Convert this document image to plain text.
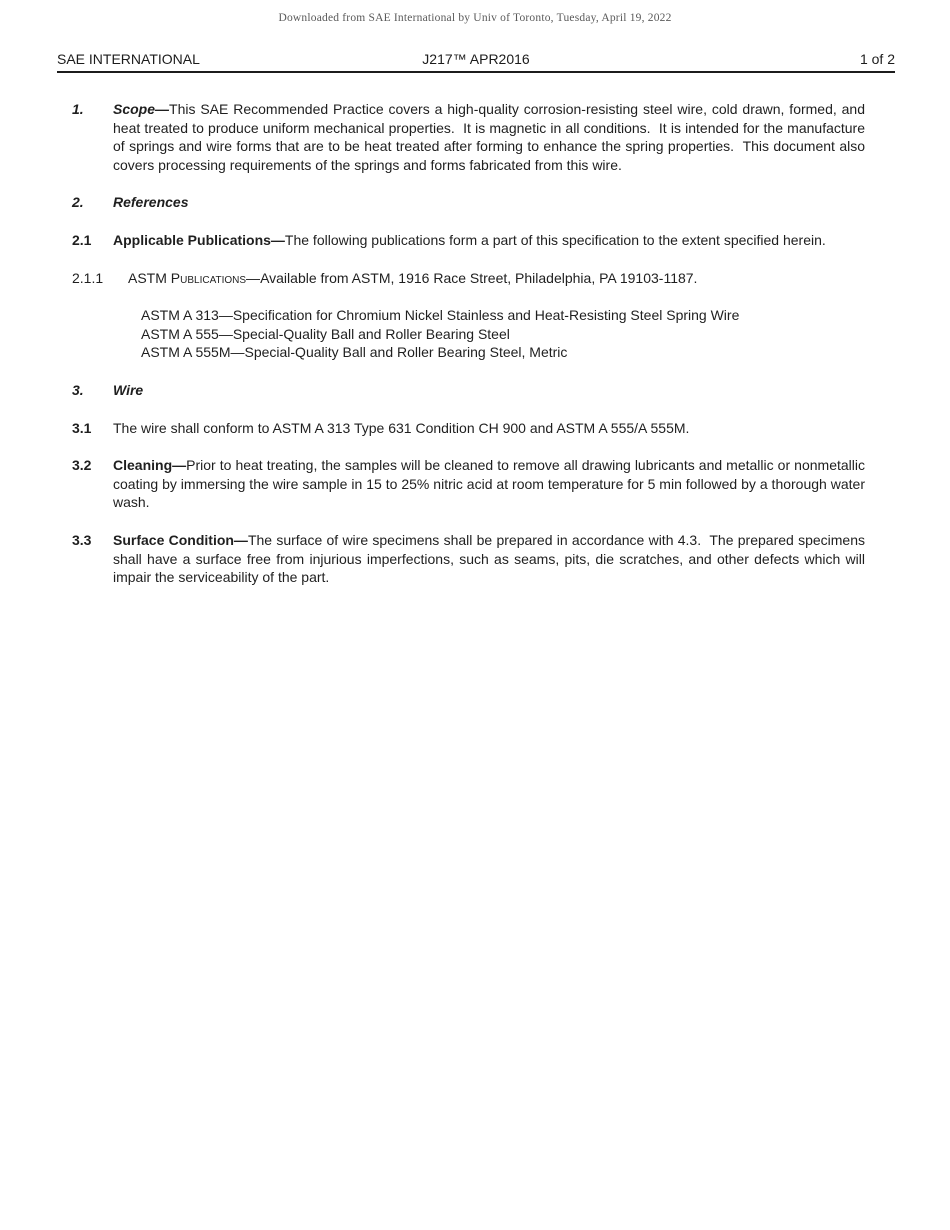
Downloaded from SAE International by Univ of Toronto, Tuesday, April 19, 2022
SAE INTERNATIONAL	J217™ APR2016	1 of 2
1.	Scope—This SAE Recommended Practice covers a high-quality corrosion-resisting steel wire, cold drawn, formed, and heat treated to produce uniform mechanical properties.  It is magnetic in all conditions.  It is intended for the manufacture of springs and wire forms that are to be heat treated after forming to enhance the spring properties.  This document also covers processing requirements of the springs and forms fabricated from this wire.

2.	References

2.1	Applicable Publications—The following publications form a part of this specification to the extent specified herein.

2.1.1	ASTM Publications—Available from ASTM, 1916 Race Street, Philadelphia, PA 19103-1187.

ASTM A 313—Specification for Chromium Nickel Stainless and Heat-Resisting Steel Spring Wire
ASTM A 555—Special-Quality Ball and Roller Bearing Steel
ASTM A 555M—Special-Quality Ball and Roller Bearing Steel, Metric
3.	Wire

3.1	The wire shall conform to ASTM A 313 Type 631 Condition CH 900 and ASTM A 555/A 555M.

3.2	Cleaning—Prior to heat treating, the samples will be cleaned to remove all drawing lubricants and metallic or nonmetallic coating by immersing the wire sample in 15 to 25% nitric acid at room temperature for 5 min followed by a thorough water wash.

3.3	Surface Condition—The surface of wire specimens shall be prepared in accordance with 4.3.  The prepared specimens shall have a surface free from injurious imperfections, such as seams, pits, die scratches, and other defects which will impair the serviceability of the part.
